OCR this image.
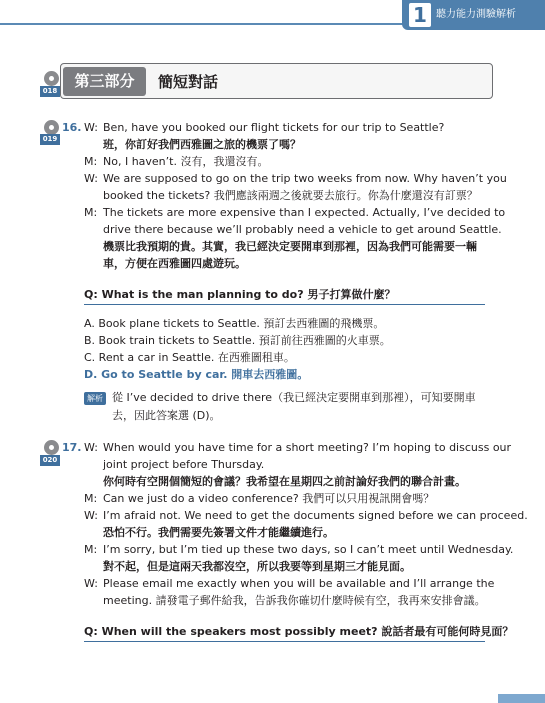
1 聽力能力測驗解析
018
第三部分	簡短對話
019
16. W: Ben, have you booked our flight tickets for our trip to Seattle?
班，你訂好我們西雅圖之旅的機票了嗎？
M: No, I haven’t. 沒有，我還沒有。
W: We are supposed to go on the trip two weeks from now. Why haven’t you
booked the tickets? 我們應該兩週之後就要去旅行。你為什麼還沒有訂票？
M: The tickets are more expensive than I expected. Actually, I’ve decided to
drive there because we’ll probably need a vehicle to get around Seattle.
機票比我預期的貴。其實，我已經決定要開車到那裡，因為我們可能需要一輛
車，方便在西雅圖四處遊玩。
Q: What is the man planning to do? 男子打算做什麼？
A. Book plane tickets to Seattle. 預訂去西雅圖的飛機票。
B. Book train tickets to Seattle. 預訂前往西雅圖的火車票。
C. Rent a car in Seattle. 在西雅圖租車。
D. Go to Seattle by car. 開車去西雅圖。
解析 從 I’ve decided to drive there（我已經決定要開車到那裡），可知要開車
去，因此答案選 (D)。
020
17. W: When would you have time for a short meeting? I’m hoping to discuss our
joint project before Thursday.
你何時有空開個簡短的會議？我希望在星期四之前討論好我們的聯合計畫。
M: Can we just do a video conference? 我們可以只用視訊開會嗎？
W: I’m afraid not. We need to get the documents signed before we can proceed.
恐怕不行。我們需要先簽署文件才能繼續進行。
M: I’m sorry, but I’m tied up these two days, so I can’t meet until Wednesday.
對不起，但是這兩天我都沒空，所以我要等到星期三才能見面。
W: Please email me exactly when you will be available and I’ll arrange the
meeting. 請發電子郵件給我，告訴我你確切什麼時候有空，我再來安排會議。
Q: When will the speakers most possibly meet? 說話者最有可能何時見面？
